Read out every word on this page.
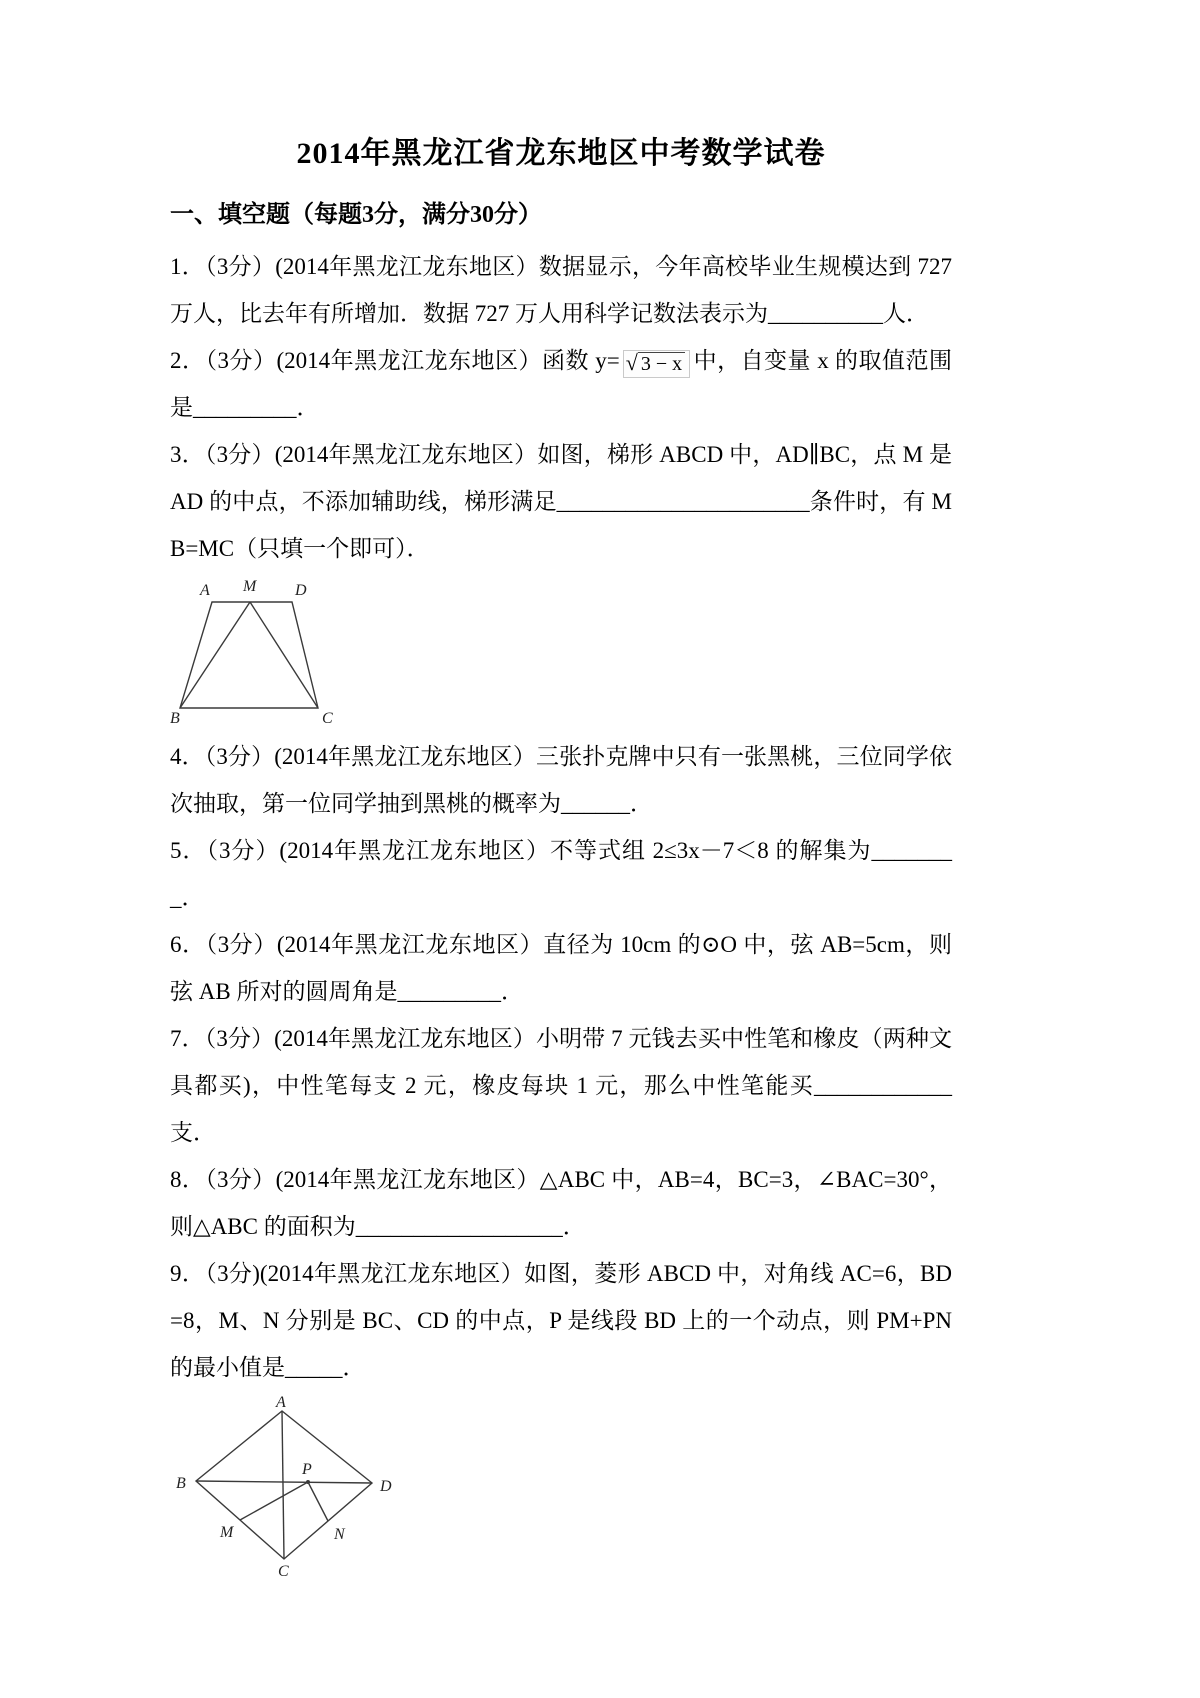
2014年黑龙江省龙东地区中考数学试卷
一、填空题（每题3分，满分30分）

1．（3分）(2014年黑龙江龙东地区）数据显示，今年高校毕业生规模达到 727 万人，比去年有所增加．数据 727 万人用科学记数法表示为__________人．

2．（3分）(2014年黑龙江龙东地区）函数 y= √ 3 − x 中，自变量 x 的取值范围是_________．

3．（3分）(2014年黑龙江龙东地区）如图，梯形 ABCD 中，AD∥BC，点 M 是 AD 的中点，不添加辅助线，梯形满足______________________条件时，有 MB=MC（只填一个即可）．

A M D
B	C

4．（3分）(2014年黑龙江龙东地区）三张扑克牌中只有一张黑桃，三位同学依次抽取，第一位同学抽到黑桃的概率为______．

5．（3分）(2014年黑龙江龙东地区）不等式组 2≤3x－7＜8 的解集为________．

6．（3分）(2014年黑龙江龙东地区）直径为 10cm 的⊙O 中，弦 AB=5cm，则弦 AB 所对的圆周角是_________．

7．（3分）(2014年黑龙江龙东地区）小明带 7 元钱去买中性笔和橡皮（两种文具都买)，中性笔每支 2 元，橡皮每块 1 元，那么中性笔能买____________支．

8．（3分）(2014年黑龙江龙东地区）△ABC 中，AB=4，BC=3，∠BAC=30°，则△ABC 的面积为__________________．

9．（3分)(2014年黑龙江龙东地区）如图，菱形 ABCD 中，对角线 AC=6，BD=8，M、N 分别是 BC、CD 的中点，P 是线段 BD 上的一个动点，则 PM+PN 的最小值是_____．

A
B	D
C
P
M	N
